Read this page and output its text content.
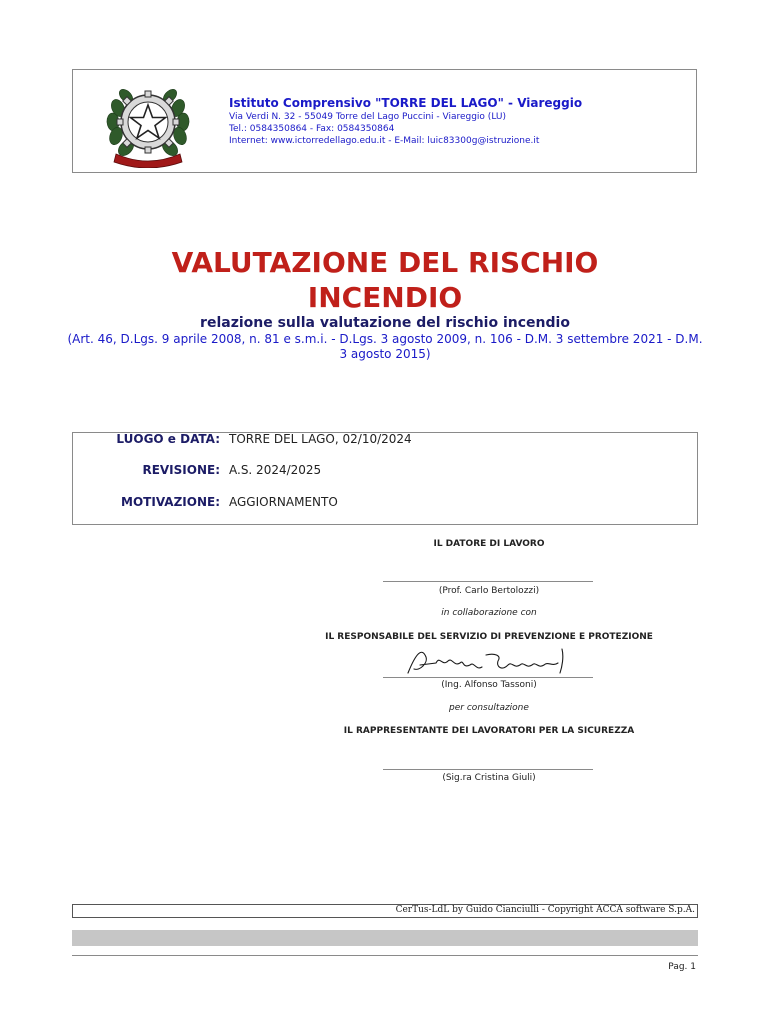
Istituto Comprensivo "TORRE DEL LAGO" - Viareggio
Via Verdi N. 32 - 55049 Torre del Lago Puccini - Viareggio (LU)
Tel.: 0584350864 - Fax: 0584350864
Internet: www.ictorredellago.edu.it - E-Mail: luic83300g@istruzione.it
VALUTAZIONE DEL RISCHIO
INCENDIO
relazione sulla valutazione del rischio incendio
(Art. 46, D.Lgs. 9 aprile 2008, n. 81 e s.m.i. - D.Lgs. 3 agosto 2009, n. 106 - D.M. 3 settembre 2021 - D.M.
3 agosto 2015)
LUOGO e DATA: TORRE DEL LAGO, 02/10/2024
REVISIONE: A.S. 2024/2025
MOTIVAZIONE: AGGIORNAMENTO
IL DATORE DI LAVORO
(Prof. Carlo Bertolozzi)
in collaborazione con
IL RESPONSABILE DEL SERVIZIO DI PREVENZIONE E PROTEZIONE
(Ing. Alfonso Tassoni)
per consultazione
IL RAPPRESENTANTE DEI LAVORATORI PER LA SICUREZZA
(Sig.ra Cristina Giuli)
CerTus-LdL by Guido Cianciulli - Copyright ACCA software S.p.A.
Pag. 1
